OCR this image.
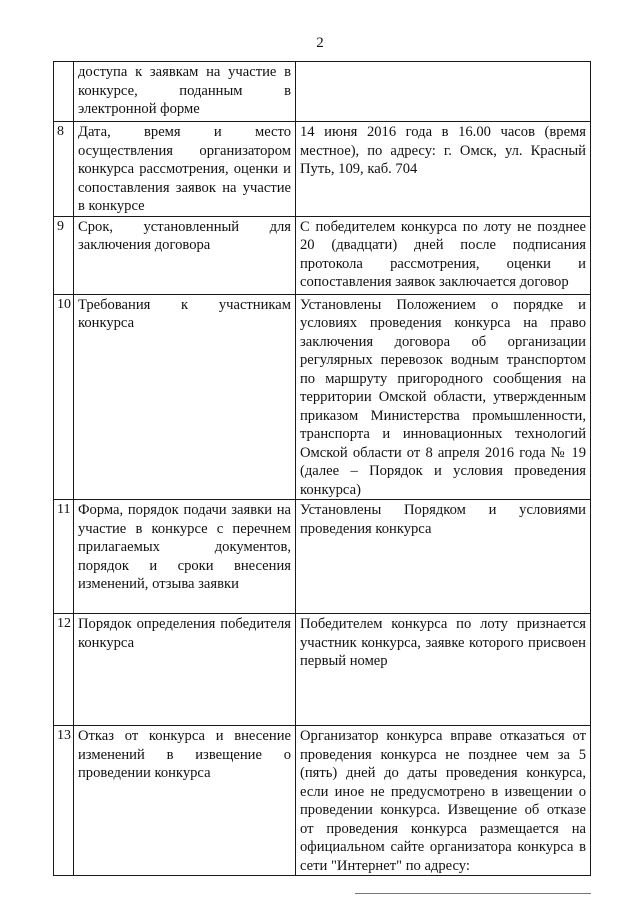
2
	доступа к заявкам на участие в конкурсе, поданным в электронной форме	
8	Дата, время и место осуществления организатором конкурса рассмотрения, оценки и сопоставления заявок на участие в конкурсе	14 июня 2016 года в 16.00 часов (время местное), по адресу: г. Омск, ул. Красный Путь, 109, каб. 704
9	Срок, установленный для заключения договора	С победителем конкурса по лоту не позднее 20 (двадцати) дней после подписания протокола рассмотрения, оценки и сопоставления заявок заключается договор
10	Требования к участникам конкурса	Установлены Положением о порядке и условиях проведения конкурса на право заключения договора об организации регулярных перевозок водным транспортом по маршруту пригородного сообщения на территории Омской области, утвержденным приказом Министерства промышленности, транспорта и инновационных технологий Омской области от 8 апреля 2016 года № 19 (далее – Порядок и условия проведения конкурса)
11	Форма, порядок подачи заявки на участие в конкурсе с перечнем прилагаемых документов, порядок и сроки внесения изменений, отзыва заявки	Установлены Порядком и условиями проведения конкурса
12	Порядок определения победителя конкурса	Победителем конкурса по лоту признается участник конкурса, заявке которого присвоен первый номер
13	Отказ от конкурса и внесение изменений в извещение о проведении конкурса	Организатор конкурса вправе отказаться от проведения конкурса не позднее чем за 5 (пять) дней до даты проведения конкурса, если иное не предусмотрено в извещении о проведении конкурса. Извещение об отказе от проведения конкурса размещается на официальном сайте организатора конкурса в сети "Интернет" по адресу:
